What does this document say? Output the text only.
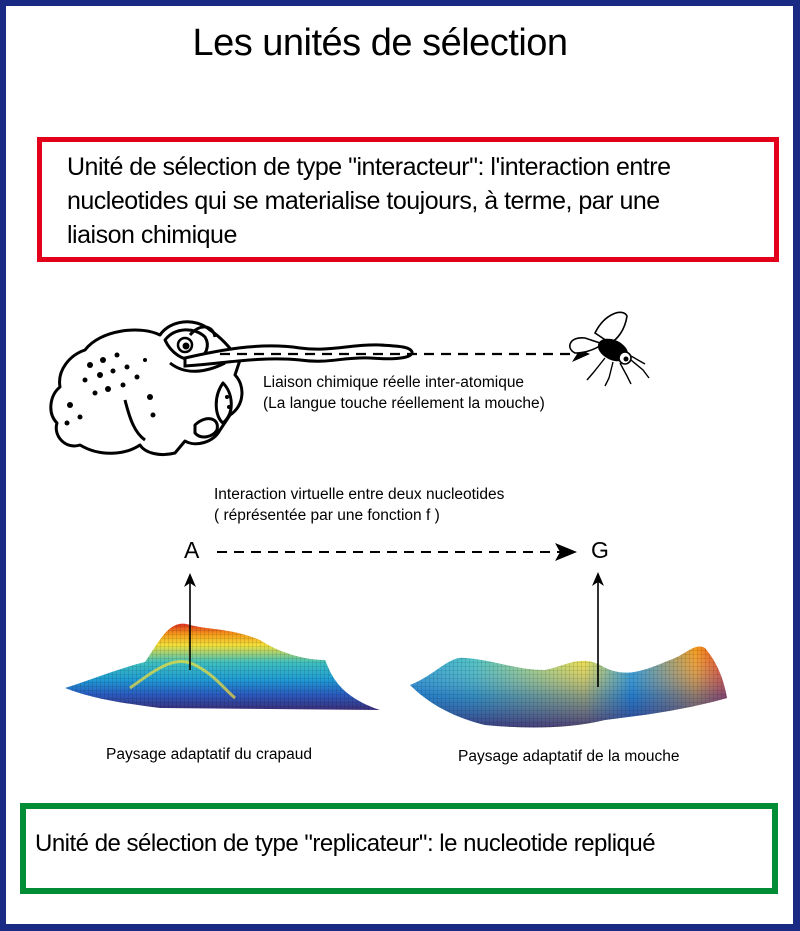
Les unités de sélection
Unité de sélection de type "interacteur": l'interaction entre
nucleotides qui se materialise toujours, à terme, par une
liaison chimique
Liaison chimique réelle inter-atomique
(La langue touche réellement la mouche)
Interaction virtuelle entre deux nucleotides
( réprésentée par une fonction f )
A	G
Paysage adaptatif du crapaud	Paysage adaptatif de la mouche
Unité de sélection de type "replicateur": le nucleotide repliqué
